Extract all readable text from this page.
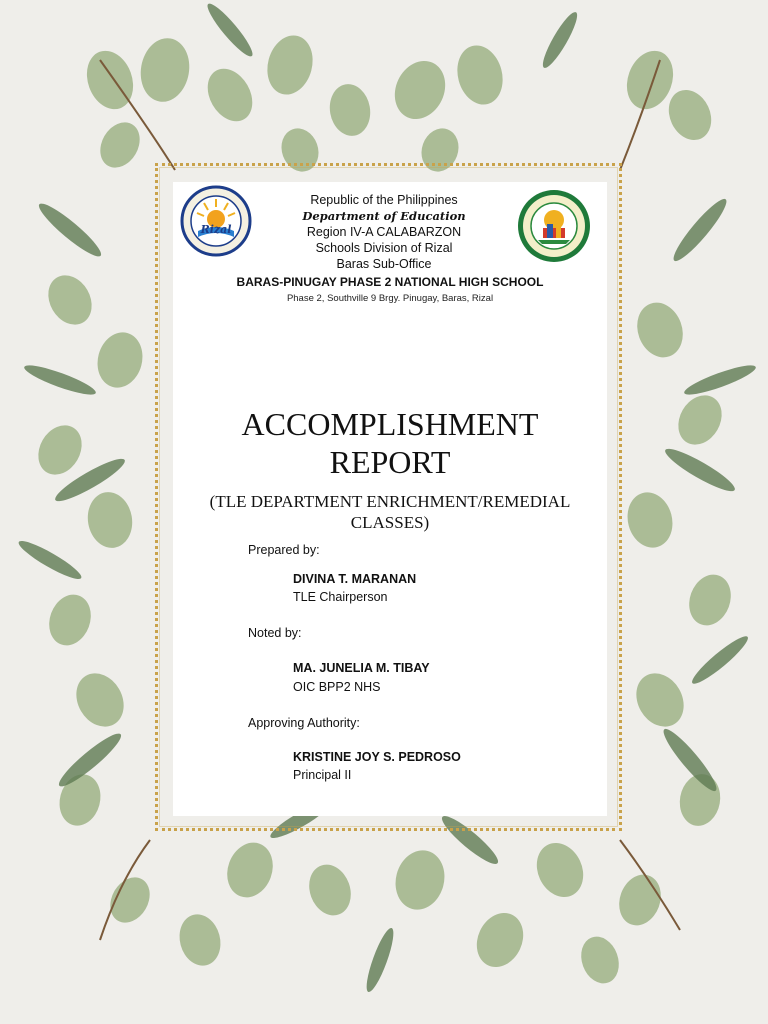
Rizal
Republic of the Philippines
Department of Education
Region IV-A CALABARZON
Schools Division of Rizal
Baras Sub-Office
BARAS-PINUGAY PHASE 2 NATIONAL HIGH SCHOOL
Phase 2, Southville 9 Brgy. Pinugay, Baras, Rizal
ACCOMPLISHMENT
REPORT
(TLE DEPARTMENT ENRICHMENT/REMEDIAL
CLASSES)
Prepared by:
DIVINA T. MARANAN
TLE Chairperson
Noted by:
MA. JUNELIA M. TIBAY
OIC BPP2 NHS
Approving Authority:
KRISTINE JOY S. PEDROSO
Principal II
